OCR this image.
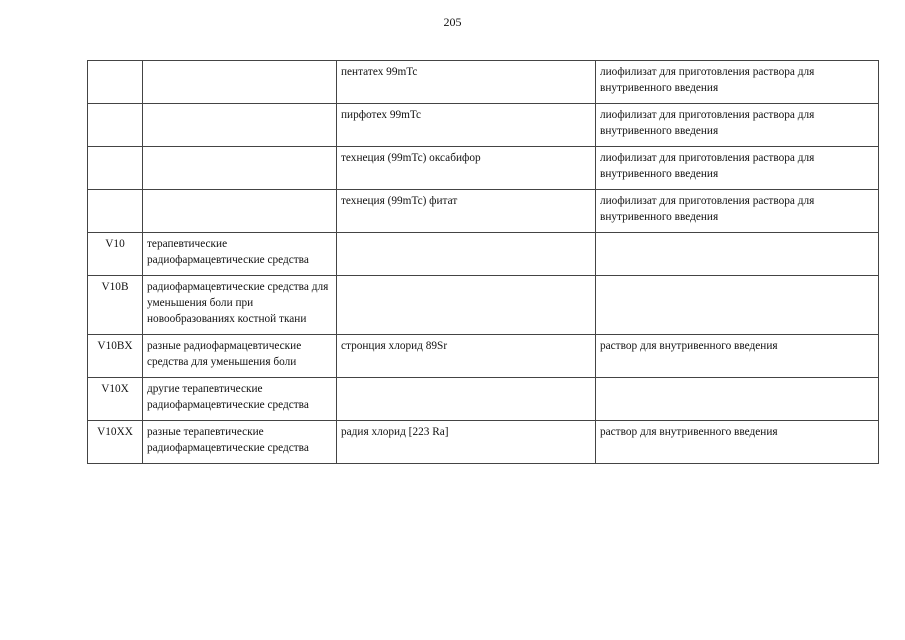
205
		пентатех 99mTc	лиофилизат для приготовления раствора для внутривенного введения
		пирфотех 99mTc	лиофилизат для приготовления раствора для внутривенного введения
		технеция (99mTc) оксабифор	лиофилизат для приготовления раствора для внутривенного введения
		технеция (99mTc) фитат	лиофилизат для приготовления раствора для внутривенного введения
V10	терапевтические радиофармацевтические средства		
V10B	радиофармацевтические средства для уменьшения боли при новообразованиях костной ткани		
V10BX	разные радиофармацевтические средства для уменьшения боли	стронция хлорид 89Sr	раствор для внутривенного введения
V10X	другие терапевтические радиофармацевтические средства		
V10XX	разные терапевтические радиофармацевтические средства	радия хлорид [223 Ra]	раствор для внутривенного введения
